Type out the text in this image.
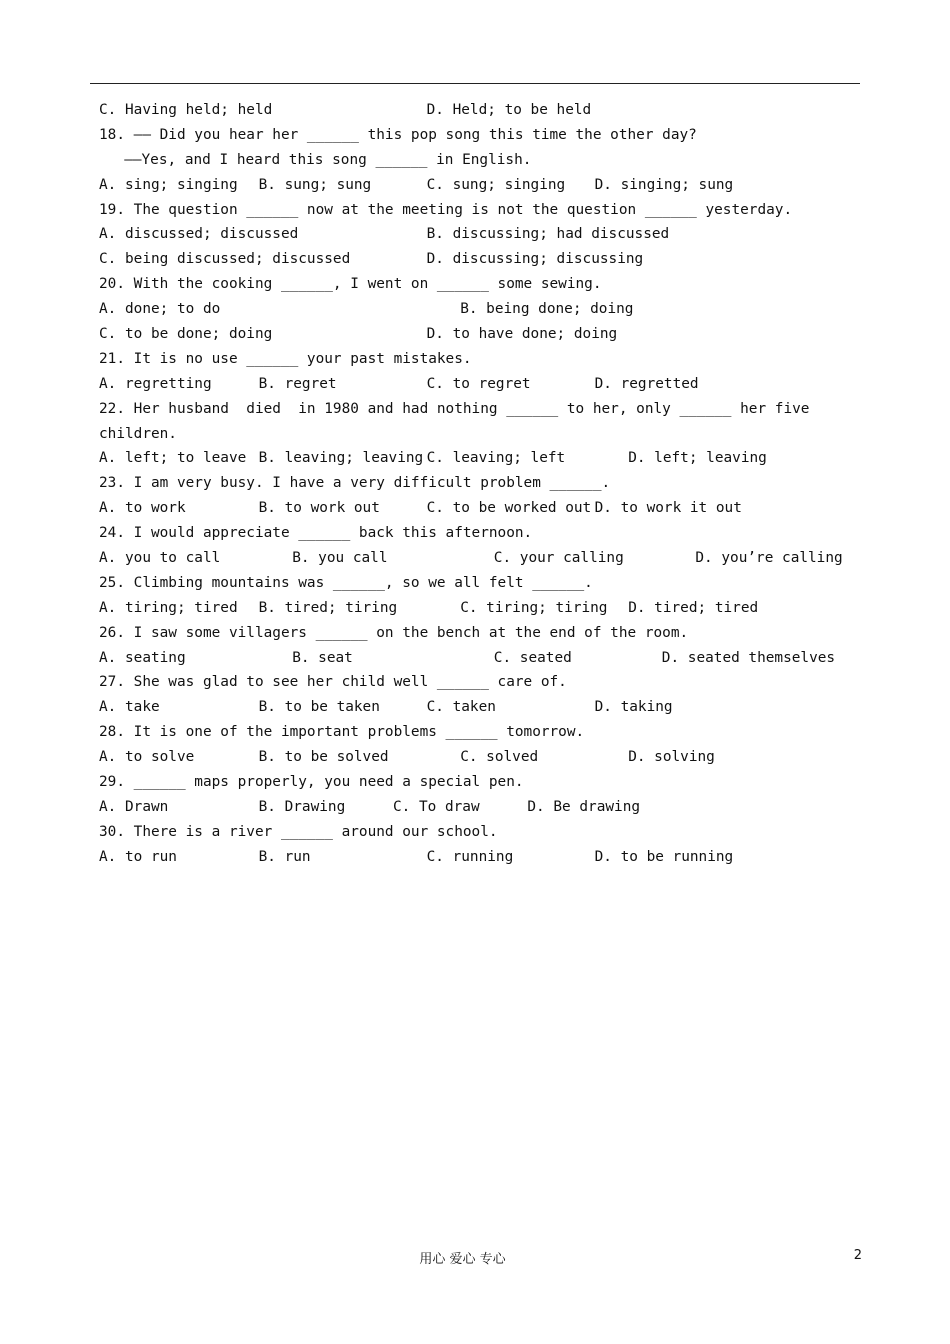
C. Having held; held	D. Held; to be held
18. —— Did you hear her ______ this pop song this time the other day?
——Yes, and I heard this song ______ in English.
A. sing; singing B. sung; sung	C. sung; singing D. singing; sung
19. The question ______ now at the meeting is not the question ______ yesterday.
A. discussed; discussed	B. discussing; had discussed
C. being discussed; discussed	D. discussing; discussing
20. With the cooking ______, I went on ______ some sewing.
A. done; to do	B. being done; doing
C. to be done; doing	D. to have done; doing
21. It is no use ______ your past mistakes.
A. regretting	B. regret	C. to regret	D. regretted
22. Her husband  died  in 1980 and had nothing ______ to her, only ______ her five
children.
A. left; to leave B. leaving; leaving C. leaving; left	D. left; leaving
23. I am very busy. I have a very difficult problem ______.
A. to work	B. to work out	C. to be worked out D. to work it out
24. I would appreciate ______ back this afternoon.
A. you to call	B. you call	C. your calling	D. you’re calling
25. Climbing mountains was ______, so we all felt ______.
A. tiring; tired B. tired; tiring	C. tiring; tiring D. tired; tired
26. I saw some villagers ______ on the bench at the end of the room.
A. seating	B. seat	C. seated	D. seated themselves
27. She was glad to see her child well ______ care of.
A. take	B. to be taken	C. taken	D. taking
28. It is one of the important problems ______ tomorrow.
A. to solve	B. to be solved	C. solved	D. solving
29. ______ maps properly, you need a special pen.
A. Drawn	B. Drawing	C. To draw	D. Be drawing
30. There is a river ______ around our school.
A. to run	B. run	C. running	D. to be running
用心 爱心 专心	2
